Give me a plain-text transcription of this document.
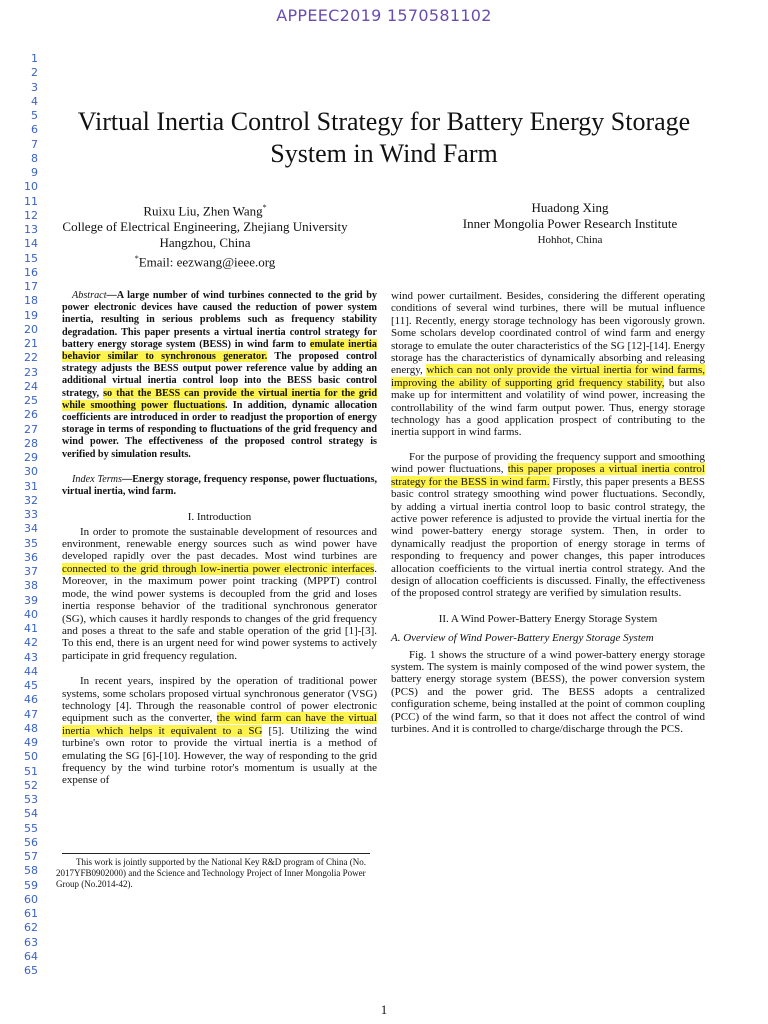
APPEEC2019 1570581102
1
2
3
4
5
6
7
8
9
10
11
12
13
14
15
16
17
18
19
20
21
22
23
24
25
26
27
28
29
30
31
32
33
34
35
36
37
38
39
40
41
42
43
44
45
46
47
48
49
50
51
52
53
54
55
56
57
58
59
60
61
62
63
64
65
Virtual Inertia Control Strategy for Battery Energy Storage System in Wind Farm
Ruixu Liu, Zhen Wang*
College of Electrical Engineering, Zhejiang University
Hangzhou, China
*Email: eezwang@ieee.org
Huadong Xing
Inner Mongolia Power Research Institute
Hohhot, China

Abstract—A large number of wind turbines connected to the grid by power electronic devices have caused the reduction of power system inertia, resulting in serious problems such as frequency stability degradation. This paper presents a virtual inertia control strategy for battery energy storage system (BESS) in wind farm to emulate inertia behavior similar to synchronous generator. The proposed control strategy adjusts the BESS output power reference value by adding an additional virtual inertia control loop into the BESS basic control strategy, so that the BESS can provide the virtual inertia for the grid while smoothing power fluctuations. In addition, dynamic allocation coefficients are introduced in order to readjust the proportion of energy storage in terms of responding to fluctuations of the grid frequency and wind power. The effectiveness of the proposed control strategy is verified by simulation results.

Index Terms—Energy storage, frequency response, power fluctuations, virtual inertia, wind farm.

I. Introduction

In order to promote the sustainable development of resources and environment, renewable energy sources such as wind power have developed rapidly over the past decades. Most wind turbines are connected to the grid through low-inertia power electronic interfaces. Moreover, in the maximum power point tracking (MPPT) control mode, the wind power systems is decoupled from the grid and loses inertia response behavior of the traditional synchronous generator (SG), which causes it hardly responds to changes of the grid frequency and poses a threat to the safe and stable operation of the grid [1]-[3]. To this end, there is an urgent need for wind power systems to actively participate in grid frequency regulation.

In recent years, inspired by the operation of traditional power systems, some scholars proposed virtual synchronous generator (VSG) technology [4]. Through the reasonable control of power electronic equipment such as the converter, the wind farm can have the virtual inertia which helps it equivalent to a SG [5]. Utilizing the wind turbine's own rotor to provide the virtual inertia is a method of emulating the SG [6]-[10]. However, the way of responding to the grid frequency by the wind turbine rotor's momentum is usually at the expense of

wind power curtailment. Besides, considering the different operating conditions of several wind turbines, there will be mutual influence [11]. Recently, energy storage technology has been vigorously grown. Some scholars develop coordinated control of wind farm and energy storage to emulate the outer characteristics of the SG [12]-[14]. Energy storage has the characteristics of dynamically absorbing and releasing energy, which can not only provide the virtual inertia for wind farms, improving the ability of supporting grid frequency stability, but also make up for intermittent and volatility of wind power, increasing the controllability of the wind farm output power. Thus, energy storage technology has a good application prospect of contributing to the inertia support in wind farms.

For the purpose of providing the frequency support and smoothing wind power fluctuations, this paper proposes a virtual inertia control strategy for the BESS in wind farm. Firstly, this paper presents a BESS basic control strategy smoothing wind power fluctuations. Secondly, by adding a virtual inertia control loop to basic control strategy, the active power reference is adjusted to provide the virtual inertia for the wind power-battery energy storage system. Then, in order to dynamically readjust the proportion of energy storage in terms of responding to frequency and power changes, this paper introduces allocation coefficients to the virtual inertia control strategy. And the design of allocation coefficients is discussed. Finally, the effectiveness of the proposed control strategy are verified by simulation results.

II. A Wind Power-Battery Energy Storage System

A. Overview of Wind Power-Battery Energy Storage System

Fig. 1 shows the structure of a wind power-battery energy storage system. The system is mainly composed of the wind power system, the battery energy storage system (BESS), the power conversion system (PCS) and the power grid. The BESS adopts a centralized configuration scheme, being installed at the point of common coupling (PCC) of the wind farm, so that it does not affect the control of wind turbines. And it is controlled to charge/discharge through the PCS.

This work is jointly supported by the National Key R&D program of China (No. 2017YFB0902000) and the Science and Technology Project of Inner Mongolia Power Group (No.2014-42).
1
